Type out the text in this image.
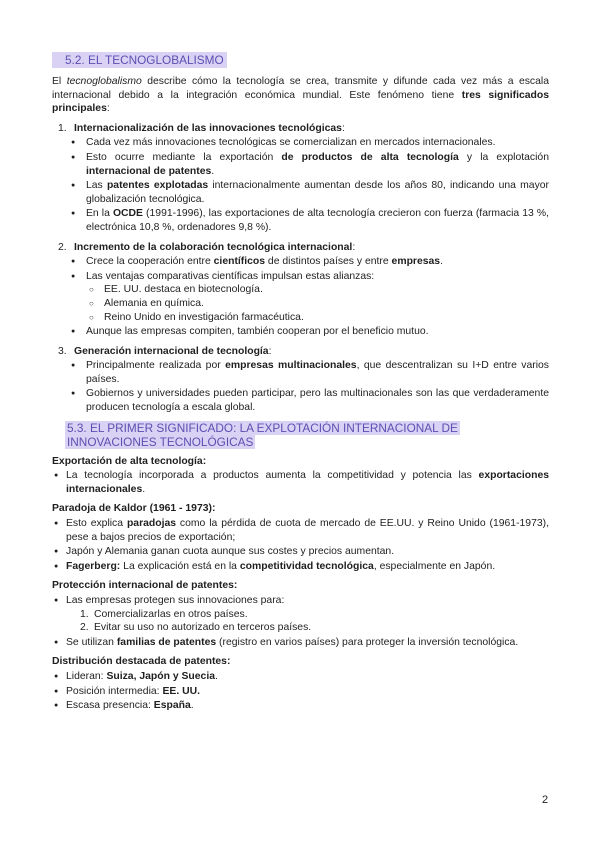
5.2. EL TECNOGLOBALISMO

El tecnoglobalismo describe cómo la tecnología se crea, transmite y difunde cada vez más a escala internacional debido a la integración económica mundial. Este fenómeno tiene tres significados principales:

1. Internacionalización de las innovaciones tecnológicas:
● Cada vez más innovaciones tecnológicas se comercializan en mercados internacionales.
● Esto ocurre mediante la exportación de productos de alta tecnología y la explotación internacional de patentes.
● Las patentes explotadas internacionalmente aumentan desde los años 80, indicando una mayor globalización tecnológica.
● En la OCDE (1991-1996), las exportaciones de alta tecnología crecieron con fuerza (farmacia 13 %, electrónica 10,8 %, ordenadores 9,8 %).
2. Incremento de la colaboración tecnológica internacional:
● Crece la cooperación entre científicos de distintos países y entre empresas.
● Las ventajas comparativas científicas impulsan estas alianzas:
○ EE. UU. destaca en biotecnología.
○ Alemania en química.
○ Reino Unido en investigación farmacéutica.
● Aunque las empresas compiten, también cooperan por el beneficio mutuo.
3. Generación internacional de tecnología:
● Principalmente realizada por empresas multinacionales, que descentralizan su I+D entre varios países.
● Gobiernos y universidades pueden participar, pero las multinacionales son las que verdaderamente producen tecnología a escala global.
5.3. EL PRIMER SIGNIFICADO: LA EXPLOTACIÓN INTERNACIONAL DE INNOVACIONES TECNOLÓGICAS
Exportación de alta tecnología:
● La tecnología incorporada a productos aumenta la competitividad y potencia las exportaciones internacionales.
Paradoja de Kaldor (1961 - 1973):
● Esto explica paradojas como la pérdida de cuota de mercado de EE.UU. y Reino Unido (1961-1973), pese a bajos precios de exportación;
● Japón y Alemania ganan cuota aunque sus costes y precios aumentan.
● Fagerberg: La explicación está en la competitividad tecnológica, especialmente en Japón.
Protección internacional de patentes:
● Las empresas protegen sus innovaciones para:
1. Comercializarlas en otros países.
2. Evitar su uso no autorizado en terceros países.
● Se utilizan familias de patentes (registro en varios países) para proteger la inversión tecnológica.
Distribución destacada de patentes:
● Lideran: Suiza, Japón y Suecia.
● Posición intermedia: EE. UU.
● Escasa presencia: España.
2
